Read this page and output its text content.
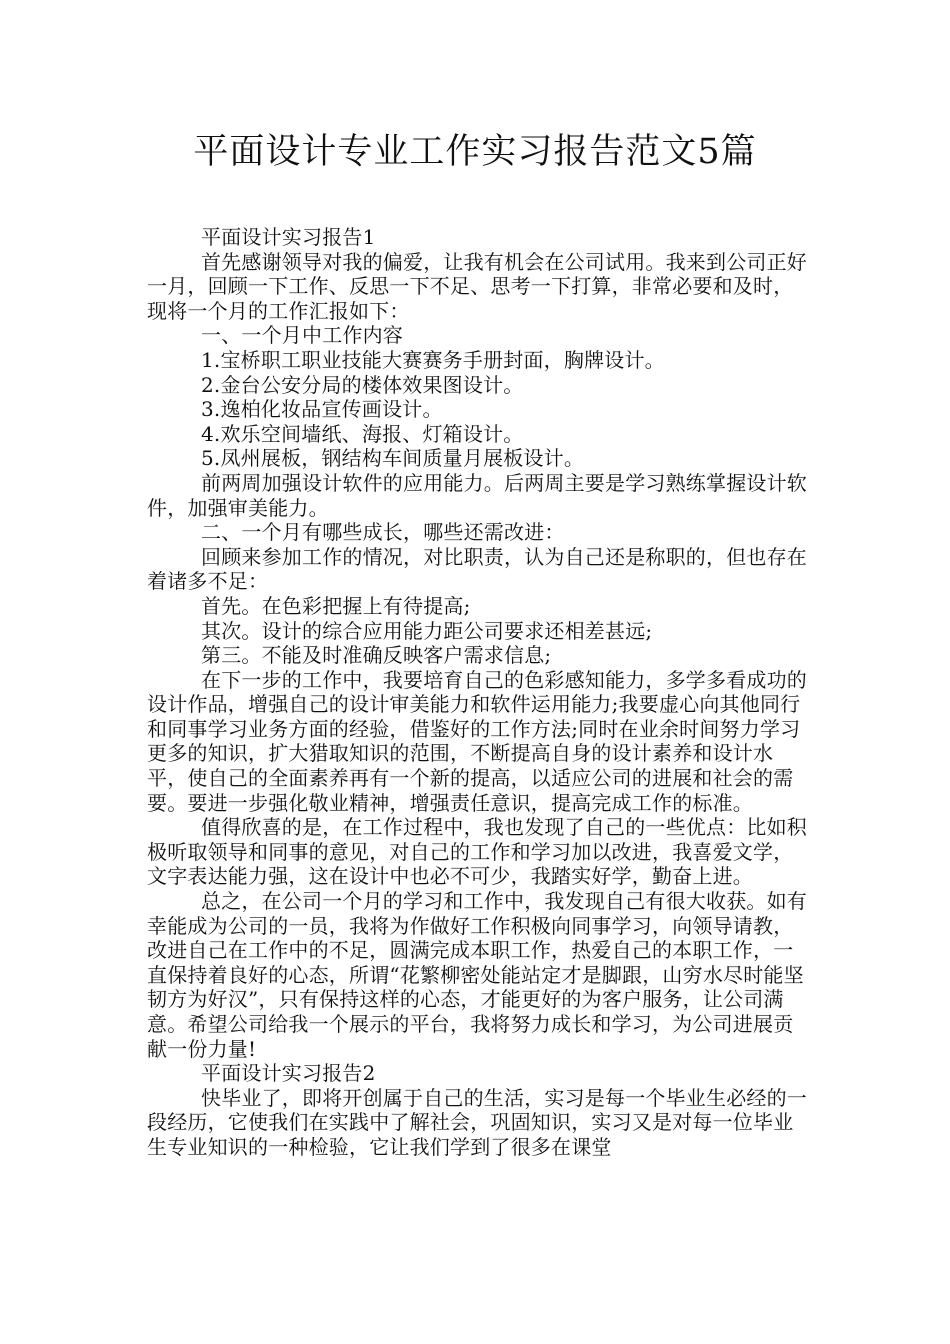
平面设计专业工作实习报告范文5篇

平面设计实习报告1

首先感谢领导对我的偏爱，让我有机会在公司试用。我来到公司正好一月，回顾一下工作、反思一下不足、思考一下打算，非常必要和及时，现将一个月的工作汇报如下：

一、一个月中工作内容

1.宝桥职工职业技能大赛赛务手册封面，胸牌设计。

2.金台公安分局的楼体效果图设计。

3.逸柏化妆品宣传画设计。

4.欢乐空间墙纸、海报、灯箱设计。

5.凤州展板，钢结构车间质量月展板设计。

前两周加强设计软件的应用能力。后两周主要是学习熟练掌握设计软件，加强审美能力。

二、一个月有哪些成长，哪些还需改进：

回顾来参加工作的情况，对比职责，认为自己还是称职的，但也存在着诸多不足：

首先。在色彩把握上有待提高;

其次。设计的综合应用能力距公司要求还相差甚远;

第三。不能及时准确反映客户需求信息;

在下一步的工作中，我要培育自己的色彩感知能力，多学多看成功的设计作品，增强自己的设计审美能力和软件运用能力;我要虚心向其他同行和同事学习业务方面的经验，借鉴好的工作方法;同时在业余时间努力学习更多的知识，扩大猎取知识的范围，不断提高自身的设计素养和设计水平，使自己的全面素养再有一个新的提高，以适应公司的进展和社会的需要。要进一步强化敬业精神，增强责任意识，提高完成工作的标准。

值得欣喜的是，在工作过程中，我也发现了自己的一些优点：比如积极听取领导和同事的意见，对自己的工作和学习加以改进，我喜爱文学，文字表达能力强，这在设计中也必不可少，我踏实好学，勤奋上进。

总之，在公司一个月的学习和工作中，我发现自己有很大收获。如有幸能成为公司的一员，我将为作做好工作积极向同事学习，向领导请教，改进自己在工作中的不足，圆满完成本职工作，热爱自己的本职工作，一直保持着良好的心态，所谓“花繁柳密处能站定才是脚跟，山穷水尽时能坚韧方为好汉”，只有保持这样的心态，才能更好的为客户服务，让公司满意。希望公司给我一个展示的平台，我将努力成长和学习，为公司进展贡献一份力量!

平面设计实习报告2

快毕业了，即将开创属于自己的生活，实习是每一个毕业生必经的一段经历，它使我们在实践中了解社会，巩固知识，实习又是对每一位毕业生专业知识的一种检验，它让我们学到了很多在课堂
